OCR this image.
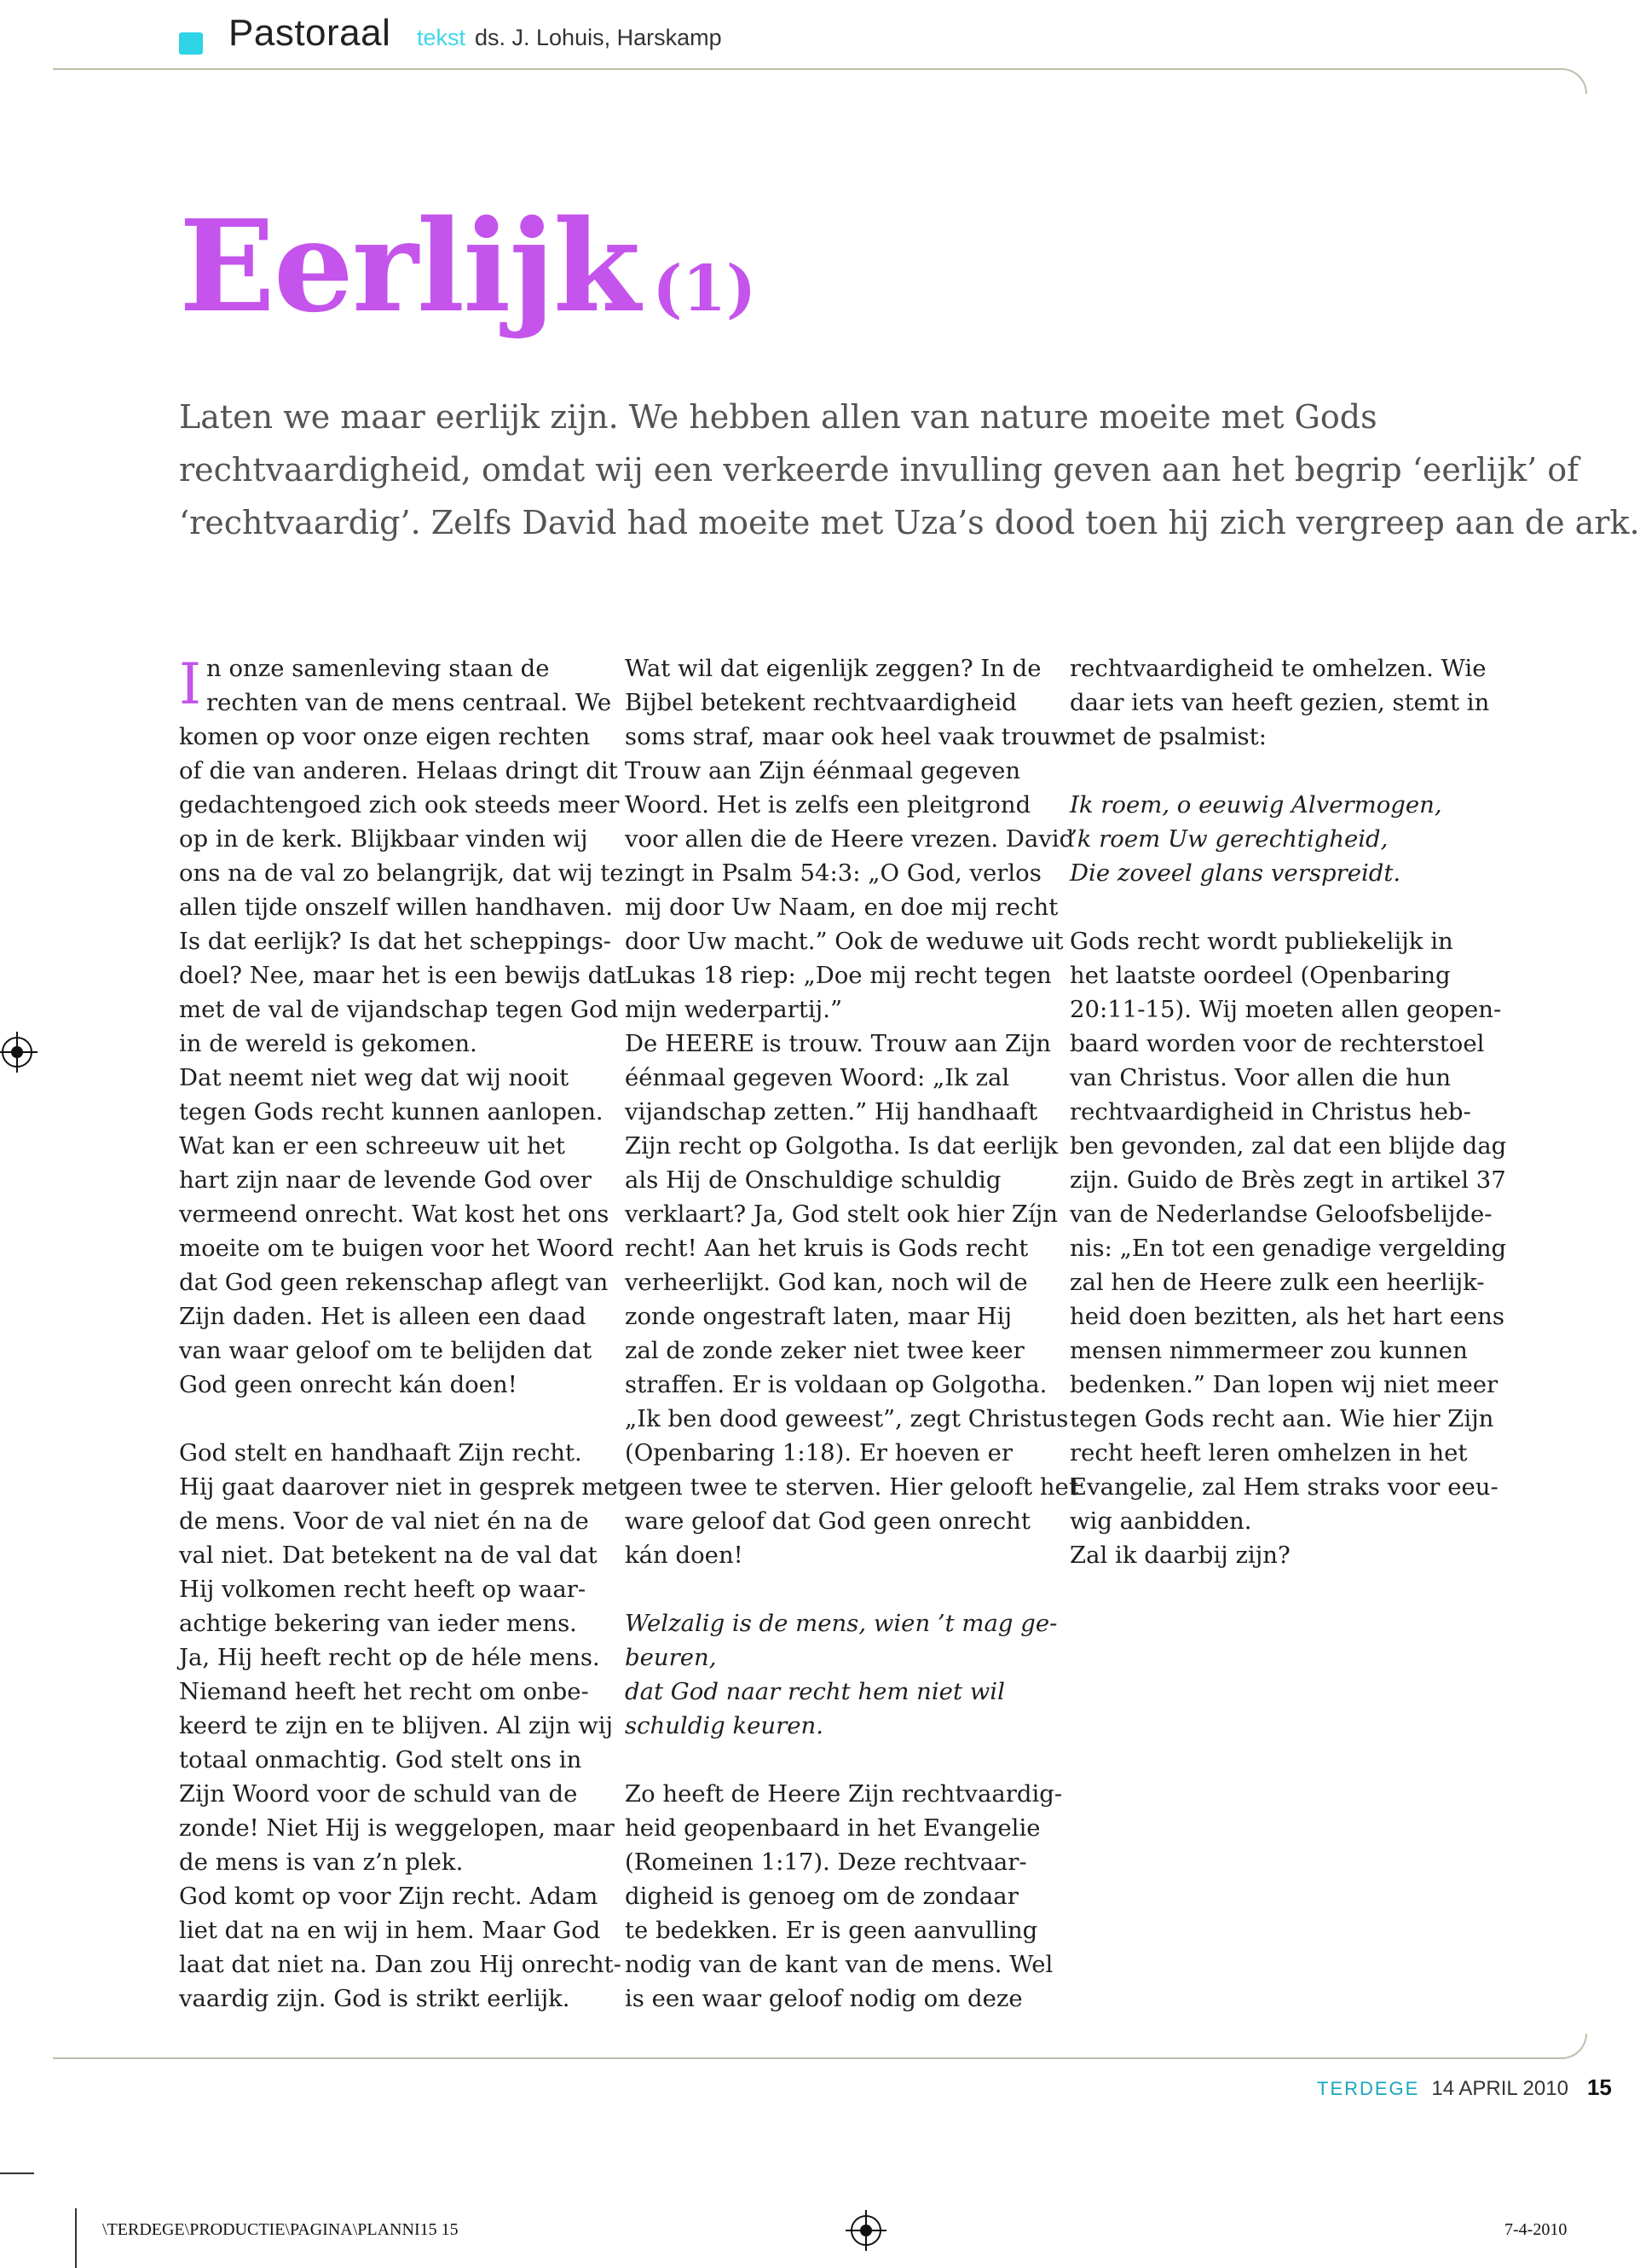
Pastoraal tekst ds. J. Lohuis, Harskamp
Eerlijk (1)
Laten we maar eerlijk zijn. We hebben allen van nature moeite met Gods
rechtvaardigheid, omdat wij een verkeerde invulling geven aan het begrip ‘eerlijk’ of
‘rechtvaardig’. Zelfs David had moeite met Uza’s dood toen hij zich vergreep aan de ark.
I n onze samenleving staan de
rechten van de mens centraal. We
komen op voor onze eigen rechten
of die van anderen. Helaas dringt dit
gedachtengoed zich ook steeds meer
op in de kerk. Blijkbaar vinden wij
ons na de val zo belangrijk, dat wij te
allen tijde onszelf willen handhaven.
Is dat eerlijk? Is dat het scheppings-
doel? Nee, maar het is een bewijs dat
met de val de vijandschap tegen God
in de wereld is gekomen.
Dat neemt niet weg dat wij nooit
tegen Gods recht kunnen aanlopen.
Wat kan er een schreeuw uit het
hart zijn naar de levende God over
vermeend onrecht. Wat kost het ons
moeite om te buigen voor het Woord
dat God geen rekenschap aflegt van
Zijn daden. Het is alleen een daad
van waar geloof om te belijden dat
God geen onrecht kán doen!
God stelt en handhaaft Zijn recht.
Hij gaat daarover niet in gesprek met
de mens. Voor de val niet én na de
val niet. Dat betekent na de val dat
Hij volkomen recht heeft op waar-
achtige bekering van ieder mens.
Ja, Hij heeft recht op de héle mens.
Niemand heeft het recht om onbe-
keerd te zijn en te blijven. Al zijn wij
totaal onmachtig. God stelt ons in
Zijn Woord voor de schuld van de
zonde! Niet Hij is weggelopen, maar
de mens is van z’n plek.
God komt op voor Zijn recht. Adam
liet dat na en wij in hem. Maar God
laat dat niet na. Dan zou Hij onrecht-
vaardig zijn. God is strikt eerlijk.
Wat wil dat eigenlijk zeggen? In de
Bijbel betekent rechtvaardigheid
soms straf, maar ook heel vaak trouw.
Trouw aan Zijn éénmaal gegeven
Woord. Het is zelfs een pleitgrond
voor allen die de Heere vrezen. David
zingt in Psalm 54:3: „O God, verlos
mij door Uw Naam, en doe mij recht
door Uw macht.” Ook de weduwe uit
Lukas 18 riep: „Doe mij recht tegen
mijn wederpartij.”
De HEERE is trouw. Trouw aan Zijn
éénmaal gegeven Woord: „Ik zal
vijandschap zetten.” Hij handhaaft
Zijn recht op Golgotha. Is dat eerlijk
als Hij de Onschuldige schuldig
verklaart? Ja, God stelt ook hier Zíjn
recht! Aan het kruis is Gods recht
verheerlijkt. God kan, noch wil de
zonde ongestraft laten, maar Hij
zal de zonde zeker niet twee keer
straffen. Er is voldaan op Golgotha.
„Ik ben dood geweest”, zegt Christus
(Openbaring 1:18). Er hoeven er
geen twee te sterven. Hier gelooft het
ware geloof dat God geen onrecht
kán doen!
Welzalig is de mens, wien ’t mag ge-
beuren,
dat God naar recht hem niet wil
schuldig keuren.
Zo heeft de Heere Zijn rechtvaardig-
heid geopenbaard in het Evangelie
(Romeinen 1:17). Deze rechtvaar-
digheid is genoeg om de zondaar
te bedekken. Er is geen aanvulling
nodig van de kant van de mens. Wel
is een waar geloof nodig om deze
rechtvaardigheid te omhelzen. Wie
daar iets van heeft gezien, stemt in
met de psalmist:
Ik roem, o eeuwig Alvermogen,
’k roem Uw gerechtigheid,
Die zoveel glans verspreidt.
Gods recht wordt publiekelijk in
het laatste oordeel (Openbaring
20:11-15). Wij moeten allen geopen-
baard worden voor de rechterstoel
van Christus. Voor allen die hun
rechtvaardigheid in Christus heb-
ben gevonden, zal dat een blijde dag
zijn. Guido de Brès zegt in artikel 37
van de Nederlandse Geloofsbelijde-
nis: „En tot een genadige vergelding
zal hen de Heere zulk een heerlijk-
heid doen bezitten, als het hart eens
mensen nimmermeer zou kunnen
bedenken.” Dan lopen wij niet meer
tegen Gods recht aan. Wie hier Zijn
recht heeft leren omhelzen in het
Evangelie, zal Hem straks voor eeu-
wig aanbidden.
Zal ik daarbij zijn?
TERDEGE 14 APRIL 2010 15
\TERDEGE\PRODUCTIE\PAGINA\PLANNI15 15	7-4-2010
